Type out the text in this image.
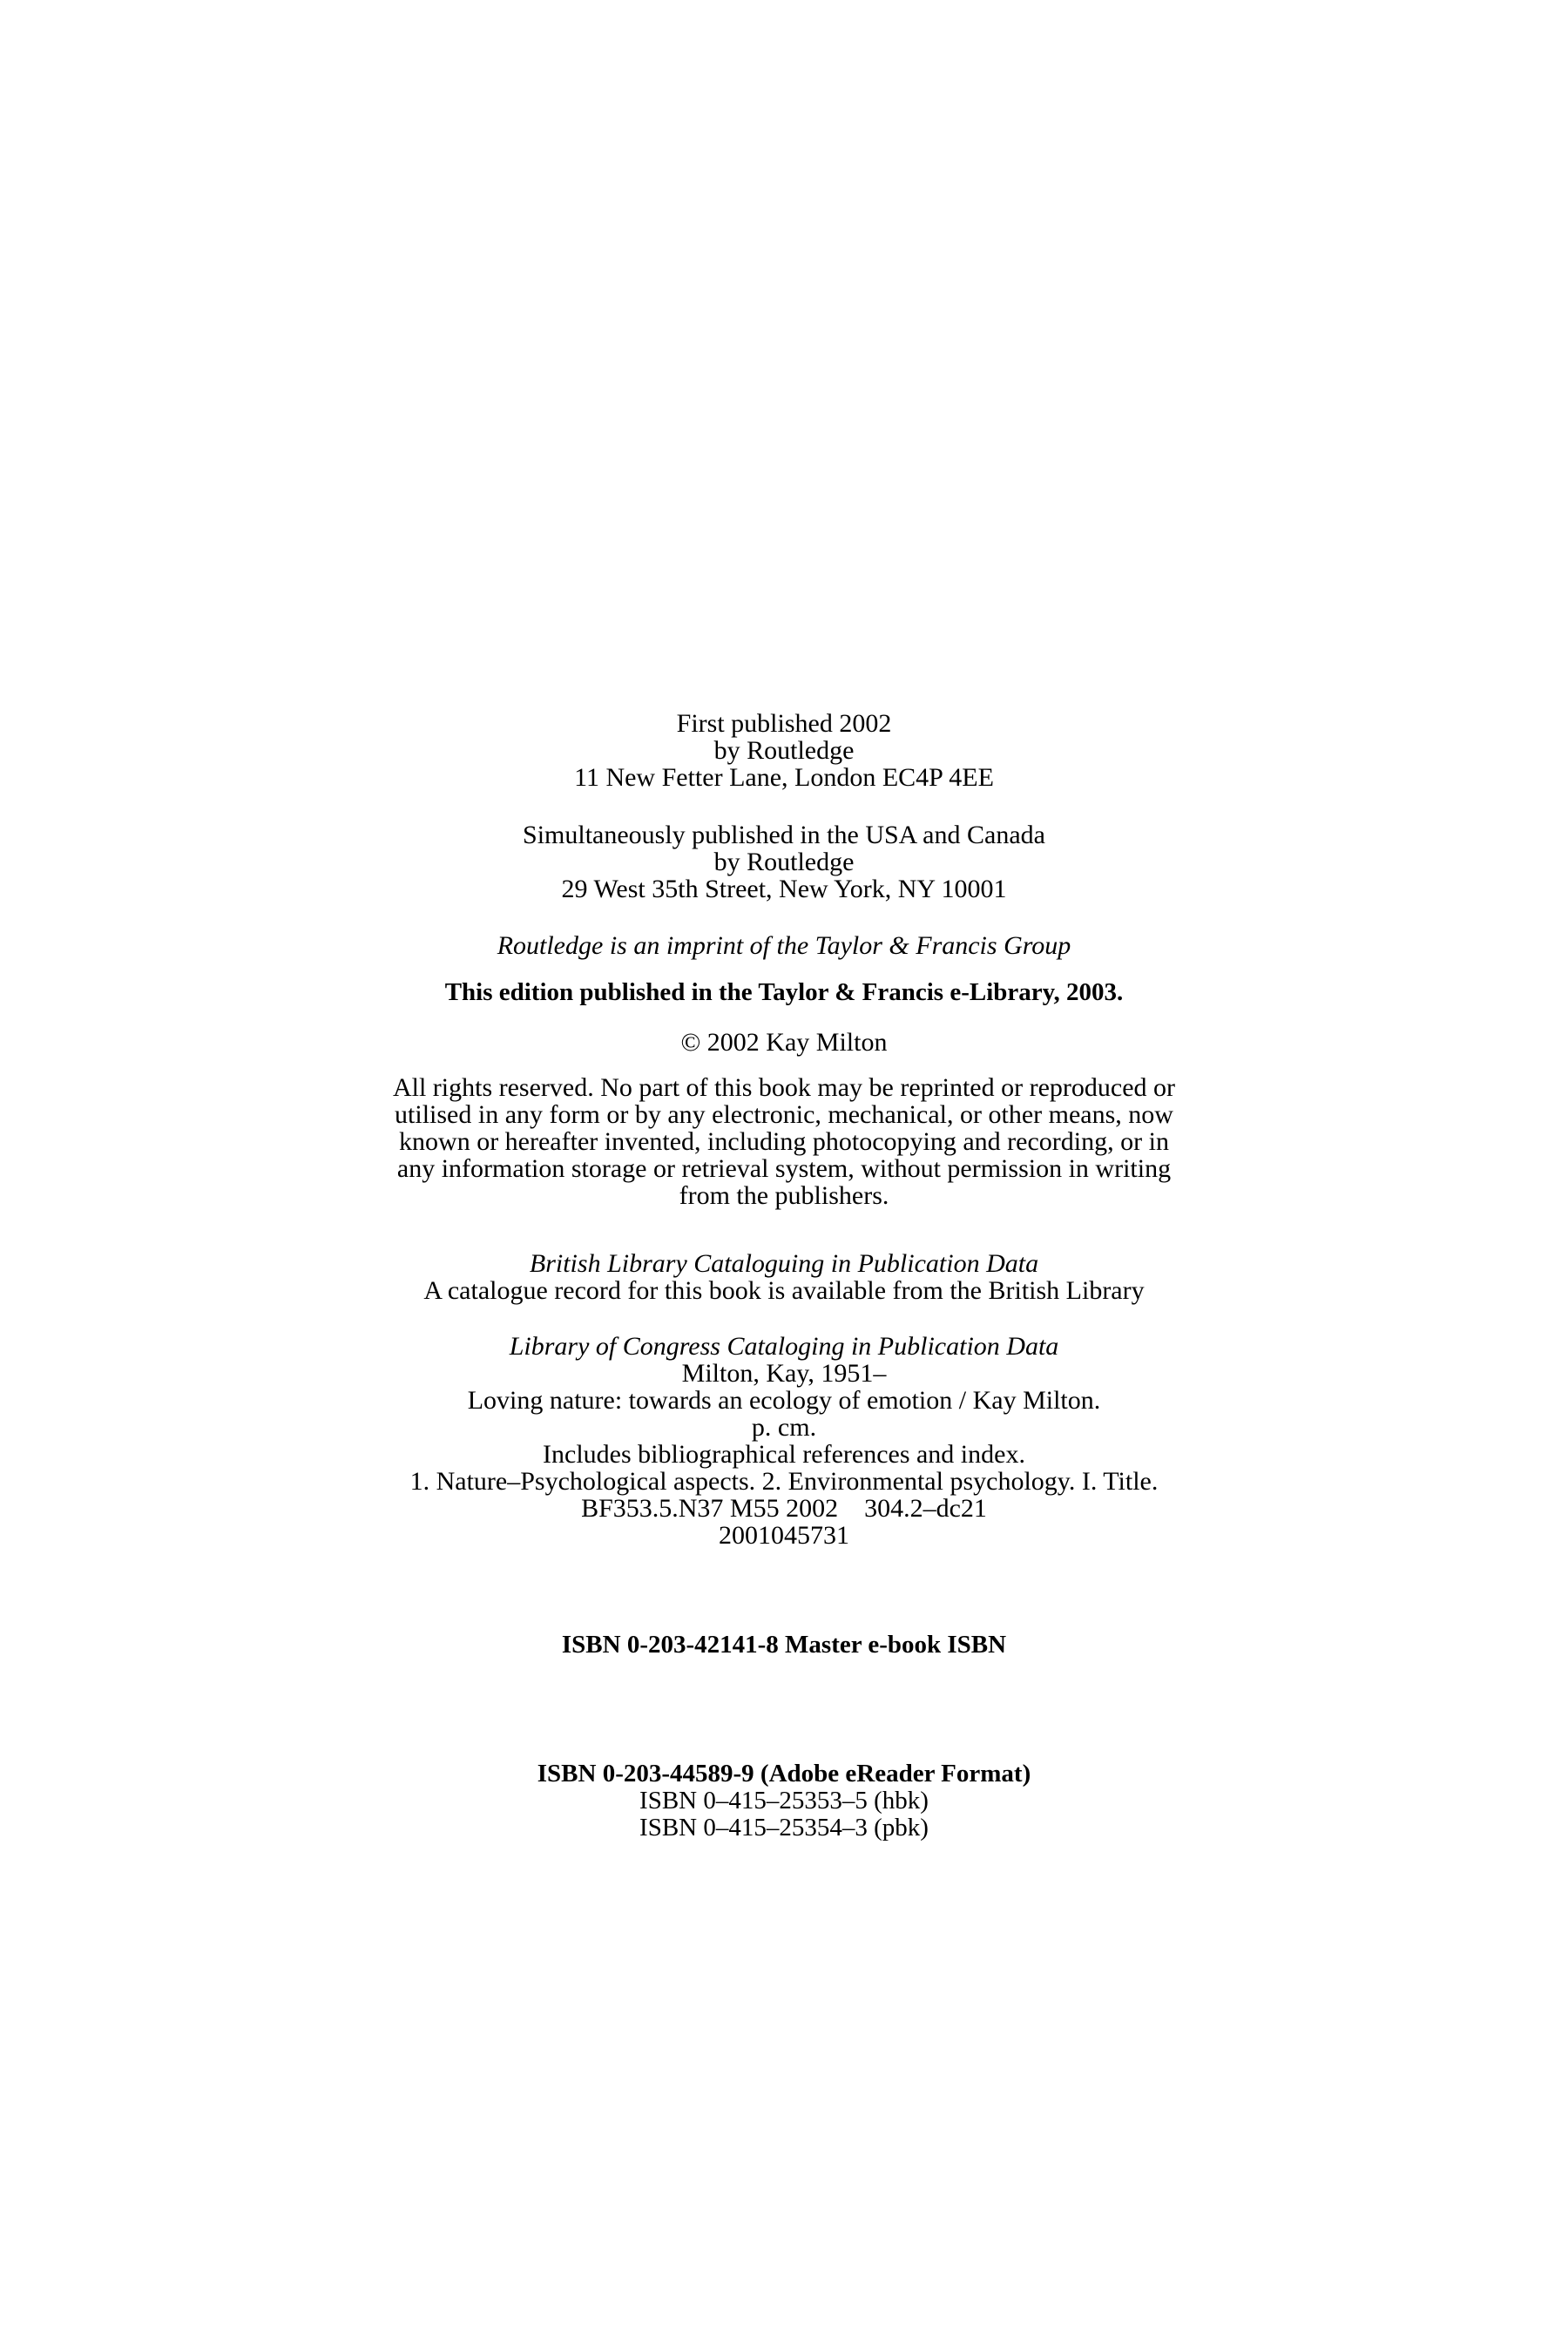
First published 2002
by Routledge
11 New Fetter Lane, London EC4P 4EE
Simultaneously published in the USA and Canada
by Routledge
29 West 35th Street, New York, NY 10001
Routledge is an imprint of the Taylor & Francis Group
This edition published in the Taylor & Francis e-Library, 2003.
© 2002 Kay Milton
All rights reserved. No part of this book may be reprinted or reproduced or
utilised in any form or by any electronic, mechanical, or other means, now
known or hereafter invented, including photocopying and recording, or in
any information storage or retrieval system, without permission in writing
from the publishers.
British Library Cataloguing in Publication Data
A catalogue record for this book is available from the British Library
Library of Congress Cataloging in Publication Data
Milton, Kay, 1951–
Loving nature: towards an ecology of emotion / Kay Milton.
p. cm.
Includes bibliographical references and index.
1. Nature–Psychological aspects. 2. Environmental psychology. I. Title.
BF353.5.N37 M55 2002    304.2–dc21
2001045731
ISBN 0-203-42141-8 Master e-book ISBN
ISBN 0-203-44589-9 (Adobe eReader Format)
ISBN 0–415–25353–5 (hbk)
ISBN 0–415–25354–3 (pbk)
